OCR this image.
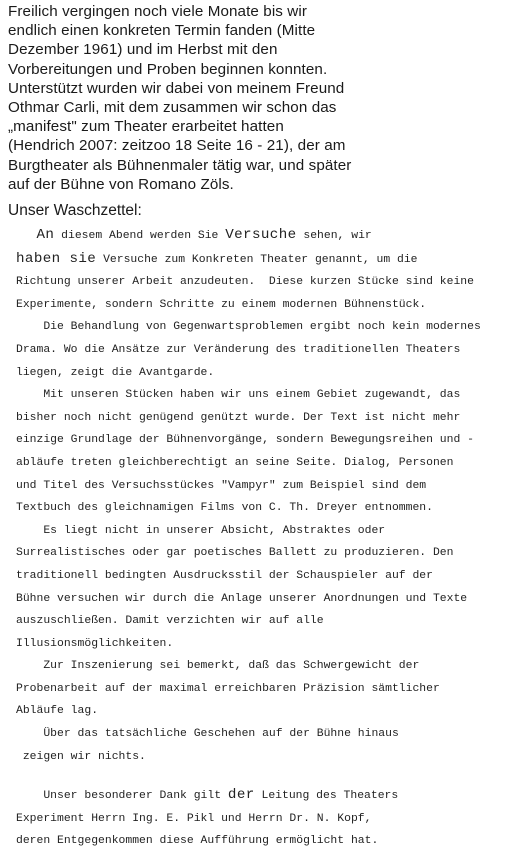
Freilich vergingen noch viele Monate bis wir
endlich einen konkreten Termin fanden (Mitte
Dezember 1961) und im Herbst mit den
Vorbereitungen und Proben beginnen konnten.
Unterstützt wurden wir dabei von meinem Freund
Othmar Carli, mit dem zusammen wir schon das
„manifest" zum Theater erarbeitet hatten
(Hendrich 2007: zeitzoo 18 Seite 16 - 21), der am
Burgtheater als Bühnenmaler tätig war, und später
auf der Bühne von Romano Zöls.
Unser Waschzettel:
An diesem Abend werden Sie Versuche sehen, wir
haben sie Versuche zum Konkreten Theater genannt, um die
Richtung unserer Arbeit anzudeuten.  Diese kurzen Stücke sind keine
Experimente, sondern Schritte zu einem modernen Bühnenstück.
Die Behandlung von Gegenwartsproblemen ergibt noch kein modernes
Drama. Wo die Ansätze zur Veränderung des traditionellen Theaters
liegen, zeigt die Avantgarde.
Mit unseren Stücken haben wir uns einem Gebiet zugewandt, das
bisher noch nicht genügend genützt wurde. Der Text ist nicht mehr
einzige Grundlage der Bühnenvorgänge, sondern Bewegungsreihen und -
abläufe treten gleichberechtigt an seine Seite. Dialog, Personen
und Titel des Versuchsstückes "Vampyr" zum Beispiel sind dem
Textbuch des gleichnamigen Films von C. Th. Dreyer entnommen.
Es liegt nicht in unserer Absicht, Abstraktes oder
Surrealistisches oder gar poetisches Ballett zu produzieren. Den
traditionell bedingten Ausdrucksstil der Schauspieler auf der
Bühne versuchen wir durch die Anlage unserer Anordnungen und Texte
auszuschließen. Damit verzichten wir auf alle
Illusionsmöglichkeiten.
Zur Inszenierung sei bemerkt, daß das Schwergewicht der
Probenarbeit auf der maximal erreichbaren Präzision sämtlicher
Abläufe lag.
Über das tatsächliche Geschehen auf der Bühne hinaus
zeigen wir nichts.
Unser besonderer Dank gilt der Leitung des Theaters
Experiment Herrn Ing. E. Pikl und Herrn Dr. N. Kopf,
deren Entgegenkommen diese Aufführung ermöglicht hat.
